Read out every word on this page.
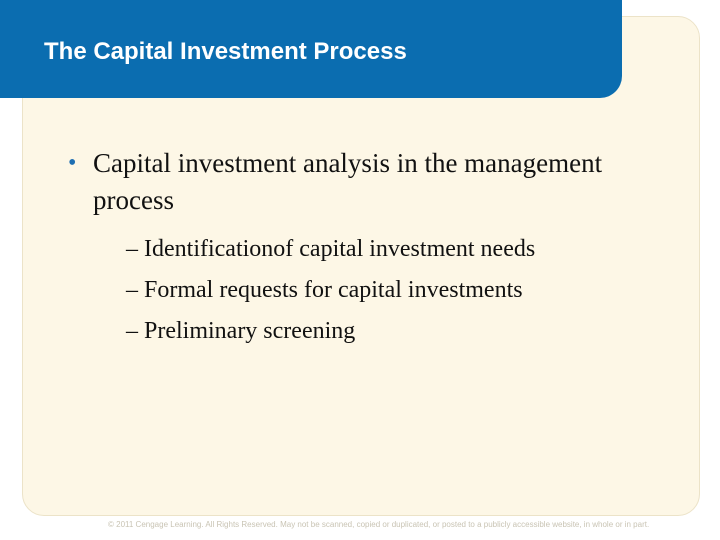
The Capital Investment Process
• Capital investment analysis in the management process
– Identificationof capital investment needs
– Formal requests for capital investments
– Preliminary screening
© 2011 Cengage Learning. All Rights Reserved. May not be scanned, copied or duplicated, or posted to a publicly accessible website, in whole or in part.
